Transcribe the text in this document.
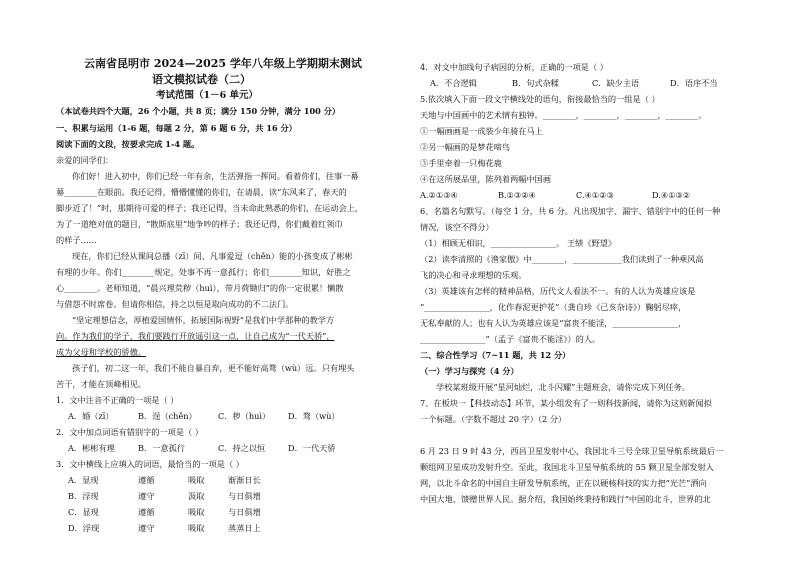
云南省昆明市 2024—2025 学年八年级上学期期末测试
语文模拟试卷（二）
考试范围（1－6 单元）
（本试卷共四个大题，26 个小题，共 8 页；满分 150 分钟，满分 100 分）
一、积累与运用（1-6 题，每题 2 分，第 6 题 6 分，共 16 分）
阅读下面的文段，按要求完成 1-4 题。
亲爱的同学们：
你们好！进入初中，你们已经一年有余，生活弹指一挥间。看着你们，往事一幕
幕________在眼前。我还记得，懵懵懂懂的你们，在请晨，读“东风来了，春天的
脚步近了！”时，那期待可爱的样子；我还记得，当未命此熟悉的你们，在运动会上，
为了一道绝对值的题目，“散斯底里”地争吵的样子；我还记得，你们戴着红领巾
的样子……
现在，你们已经从课间总播（zī）间、凡事爱逗（chěn）能的小孩变成了彬彬
有理的少年。你们________规定，处事不再一意孤行；你们________知识，好胜之
心________。老师知道，“晨兴理荒秽（huì），带月荷锄归”的你一定很累！懒散
与借怨不时席卷。但请你相信，持之以恒是取向成功的不二法门。
“坚定理想信念，厚植爱国情怀，拓展国际视野”是我们中学那种的教学方
向。作为我们的学子，我们要践行开放遥引这一点，让自己成为“一代天骄”，
成为父母和学校的骄傲。
孩子们，初二这一年，我们不能自暴自弃，更不能好高骛（wù）远。只有埋头
苦干，才能在顶峰相见。
1．文中注音不正确的一项是（ ）
A．婚（zī）	B．逞（chěn）	C．秽（huì） D．骛（wù）
2．文中加点词语有错别字的一项是（ ）
A．彬彬有理	B．一意孤行	C．持之以恒	D．一代天骄
3．文中横线上应填入的词语，最恰当的一项是（ ）
A．显现	遵循	吸取	渐渐日长
B．浮现	遵守	汲取	与日俱增
C．显现	遵循	吸取	与日俱增
D．浮现	遵守	吸取	蒸蒸日上
4．对文中加线句子病因的分析，正确的一项是（ ）
A．不合逻辑	B．句式杂糅	C．缺少主语	D．语序不当
5.依次填入下面一段文字横线处的语句，衔接最恰当的一组是（ ）
天地与中国画中的艺术情有独钟。________，________，________，________。
①一幅画画是一成装少年骑在马上
②另一幅画的是梦花啼鸟
③手里牵着一只梅花鹿
④在这所展品里，陈列着两幅中国画
A.②①③④	B.①③②④	C.④①②③	D.④①③②
6、名篇名句默写。（每空 1 分，共 6 分。凡出现加字、漏字、错别字中的任何一种
情况，该空不得分）
（1）相顾无相识，________________。 王绩《野望》
（2）读李清照的《渔家傲》中________，____________我们读到了一种乘风高
飞的决心和寻求理想的乐观。
（3）英雄该有怎样的精神品格，历代文人看法不一。有的人认为英雄应该是
“________________，化作春泥更护花”（龚自珍《己亥杂诗》）鞠躬尽瘁，
无私奉献的人；也有人认为英雄应该是“富贵不能淫，________________，
________________”（孟子《富贵不能淫》）的人。
二、综合性学习（7~11 题，共 12 分）
（一）学习与探究（4 分）
学校某班级开展“星河灿烂，北斗闪耀”主题班会，请你完成下列任务。
7、在板块一【科技动态】环节，某小组发有了一则科技新闻，请你为这则新闻拟
一个标题。（字数不超过 20 字）（2 分）
6 月 23 日 9 时 43 分，西昌卫星发射中心，我国北斗三号全球卫星导航系统最后一
颗组网卫星成功发射升空。至此，我国北斗卫星导航系统的 55 颗卫星全部发射入
网，以北斗命名的中国自主研发导航系统，正在以硬核科技的实力把“光芒”洒向
中国大地、馈赠世界人民。据介绍，我国始终秉持和践行“中国的北斗，世界的北
